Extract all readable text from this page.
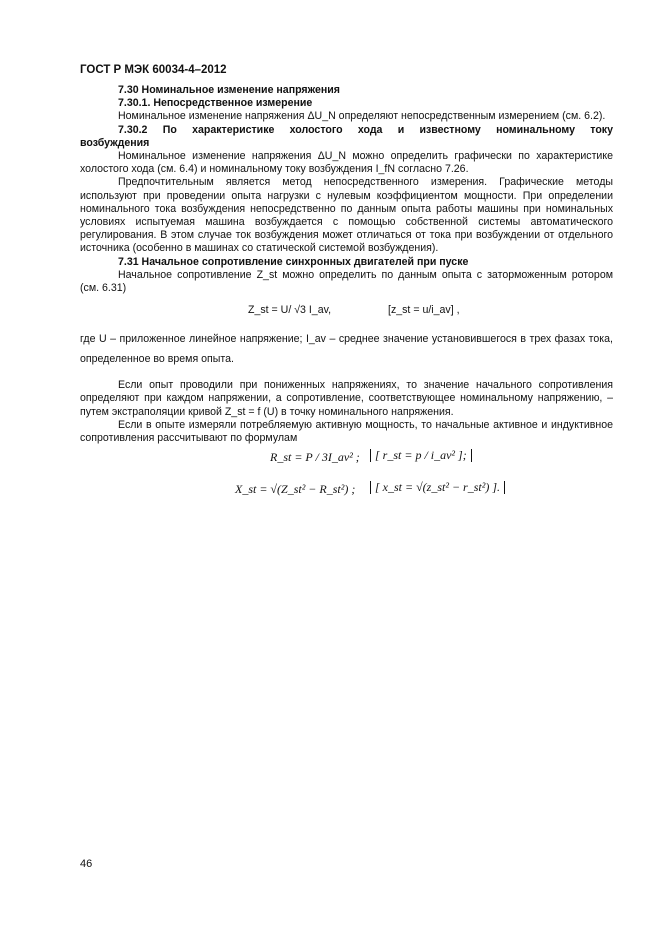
ГОСТ Р МЭК 60034-4–2012

7.30 Номинальное изменение напряжения

7.30.1. Непосредственное измерение

Номинальное изменение напряжения ΔU_N определяют непосредственным измерением (см. 6.2).

7.30.2 По характеристике холостого хода и известному номинальному току

возбуждения

Номинальное изменение напряжения ΔU_N можно определить графически по характеристике холостого хода (см. 6.4) и номинальному току возбуждения I_fN согласно 7.26.

Предпочтительным является метод непосредственного измерения. Графические методы используют при проведении опыта нагрузки с нулевым коэффициентом мощности. При определении номинального тока возбуждения непосредственно по данным опыта работы машины при номинальных условиях испытуемая машина возбуждается с помощью собственной системы автоматического регулирования. В этом случае ток возбуждения может отличаться от тока при возбуждении от отдельного источника (особенно в машинах со статической системой возбуждения).

7.31 Начальное сопротивление синхронных двигателей при пуске

Начальное сопротивление Z_st можно определить по данным опыта с заторможенным ротором (см. 6.31)

Z_st = U/ √3 I_av,	[z_st = u/i_av] ,

где U – приложенное линейное напряжение; I_av – среднее значение установившегося в трех фазах тока, определенное во время опыта.

Если опыт проводили при пониженных напряжениях, то значение начального сопротивления определяют при каждом напряжении, а сопротивление, соответствующее номинальному напряжению, – путем экстраполяции кривой Z_st = f (U) в точку номинального напряжения.

Если в опыте измеряли потребляемую активную мощность, то начальные активное и индуктивное сопротивления рассчитывают по формулам

R_st = P / 3I_av² ;	[ r_st = p / i_av² ];
X_st = √(Z_st² − R_st²) ;	[ x_st = √(z_st² − r_st²) ].
46
